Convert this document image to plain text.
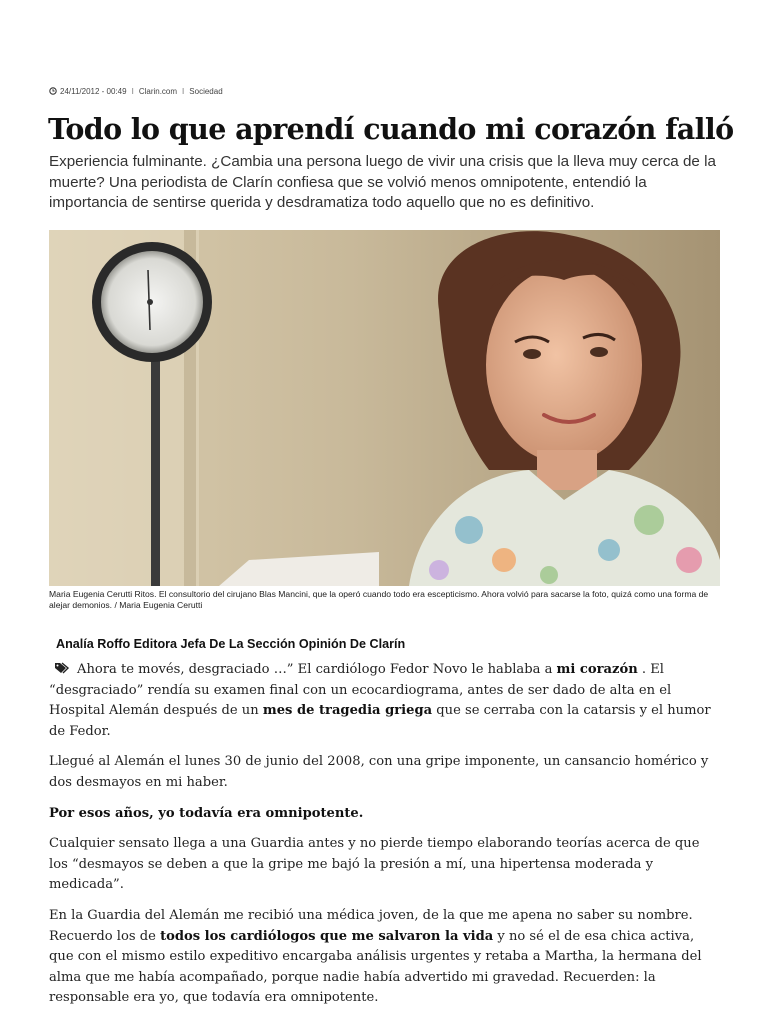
24/11/2012 - 00:49 I Clarin.com I Sociedad
Todo lo que aprendí cuando mi corazón falló

Experiencia fulminante. ¿Cambia una persona luego de vivir una crisis que la lleva muy cerca de la muerte? Una periodista de Clarín confiesa que se volvió menos omnipotente, entendió la importancia de sentirse querida y desdramatiza todo aquello que no es definitivo.

Maria Eugenia Cerutti Ritos. El consultorio del cirujano Blas Mancini, que la operó cuando todo era escepticismo. Ahora volvió para sacarse la foto, quizá como una forma de alejar demonios. / Maria Eugenia Cerutti

Analía Roffo Editora Jefa De La Sección Opinión De Clarín

Ahora te movés, desgraciado …” El cardiólogo Fedor Novo le hablaba a mi corazón . El “desgraciado” rendía su examen final con un ecocardiograma, antes de ser dado de alta en el Hospital Alemán después de un mes de tragedia griega que se cerraba con la catarsis y el humor de Fedor.

Llegué al Alemán el lunes 30 de junio del 2008, con una gripe imponente, un cansancio homérico y dos desmayos en mi haber.

Por esos años, yo todavía era omnipotente.

Cualquier sensato llega a una Guardia antes y no pierde tiempo elaborando teorías acerca de que los “desmayos se deben a que la gripe me bajó la presión a mí, una hipertensa moderada y medicada”.

En la Guardia del Alemán me recibió una médica joven, de la que me apena no saber su nombre. Recuerdo los de todos los cardiólogos que me salvaron la vida y no sé el de esa chica activa, que con el mismo estilo expeditivo encargaba análisis urgentes y retaba a Martha, la hermana del alma que me había acompañado, porque nadie había advertido mi gravedad. Recuerden: la responsable era yo, que todavía era omnipotente.
